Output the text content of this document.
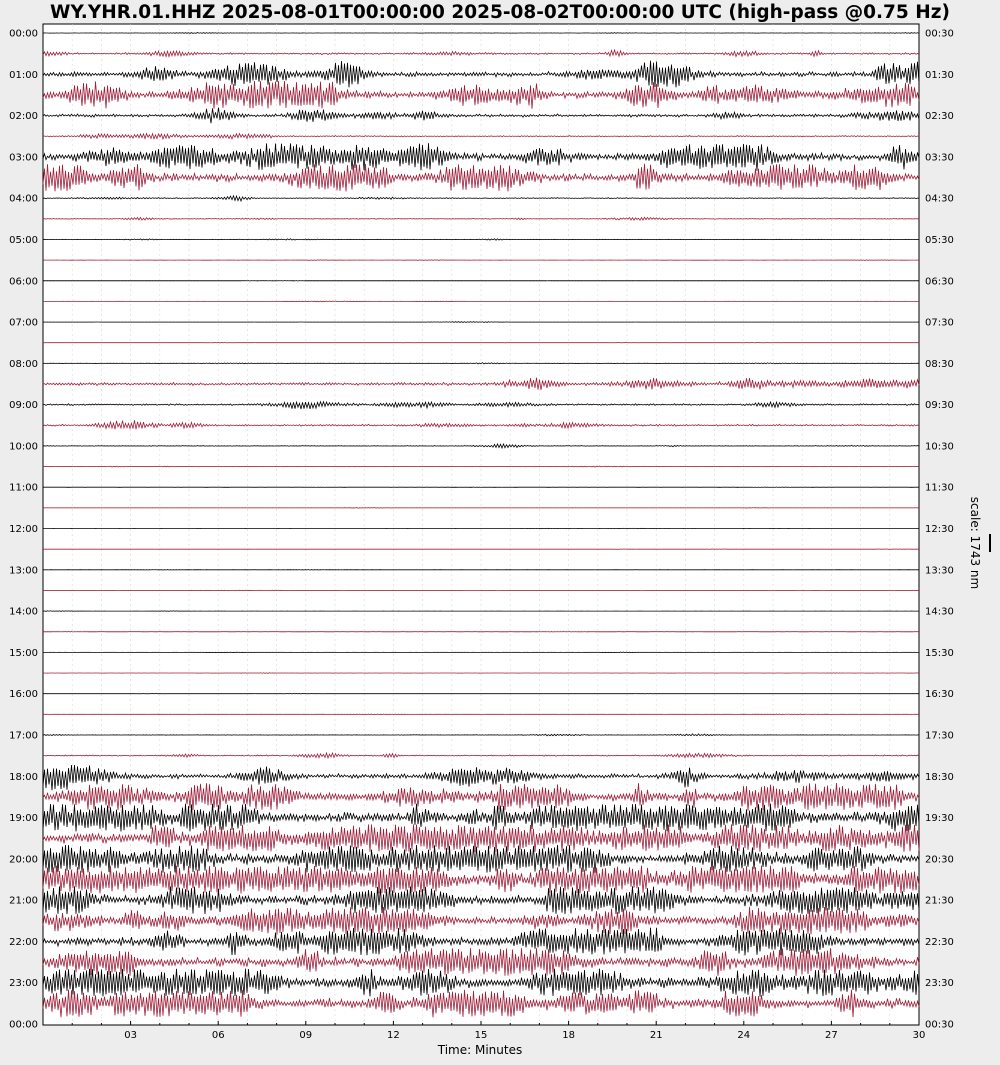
WY.YHR.01.HHZ 2025-08-01T00:00:00 2025-08-02T00:00:00 UTC (high-pass @0.75 Hz)
00:00
01:00
02:00
03:00
04:00
05:00
06:00
07:00
08:00
09:00
10:00
11:00
12:00
13:00
14:00
15:00
16:00
17:00
18:00
19:00
20:00
21:00
22:00
23:00
00:00
00:30
01:30
02:30
03:30
04:30
05:30
06:30
07:30
08:30
09:30
10:30
11:30
12:30
13:30
14:30
15:30
16:30
17:30
18:30
19:30
20:30
21:30
22:30
23:30
00:30
03	06	09	12	15	18	21	24	27	30
Time: Minutes
scale: 1743 nm
